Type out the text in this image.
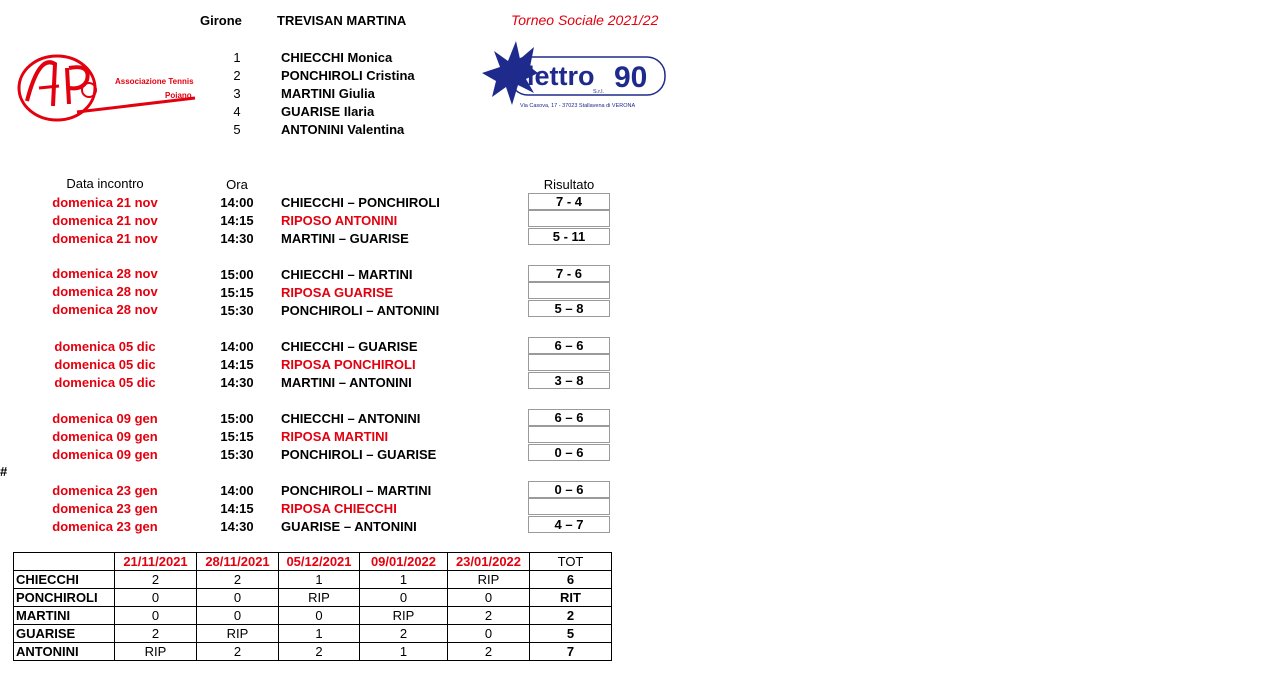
Girone	TREVISAN MARTINA	Torneo Sociale 2021/22
1	CHIECCHI Monica
2	PONCHIROLI Cristina
3	MARTINI Giulia
4	GUARISE Ilaria
5	ANTONINI Valentina
Associazione Tennis
Poiano
elettro 90
S.r.l.
Via Casova, 17 - 37023 Stallavena di VERONA
Data incontro	Ora	Risultato
domenica 21 nov	14:00	CHIECCHI – PONCHIROLI	7 - 4
domenica 21 nov	14:15	RIPOSO ANTONINI
domenica 21 nov	14:30	MARTINI – GUARISE	5 - 11
domenica 28 nov	15:00	CHIECCHI – MARTINI	7 - 6
domenica 28 nov	15:15	RIPOSA GUARISE
domenica 28 nov	15:30	PONCHIROLI – ANTONINI	5 – 8
domenica 05 dic	14:00	CHIECCHI – GUARISE	6 – 6
domenica 05 dic	14:15	RIPOSA PONCHIROLI
domenica 05 dic	14:30	MARTINI – ANTONINI	3 – 8
domenica 09 gen	15:00	CHIECCHI – ANTONINI	6 – 6
domenica 09 gen	15:15	RIPOSA MARTINI
domenica 09 gen	15:30	PONCHIROLI – GUARISE	0 – 6
domenica 23 gen	14:00	PONCHIROLI – MARTINI	0 – 6
domenica 23 gen	14:15	RIPOSA CHIECCHI
domenica 23 gen	14:30	GUARISE – ANTONINI	4 – 7
#
	21/11/2021	28/11/2021	05/12/2021	09/01/2022	23/01/2022	TOT
CHIECCHI	2	2	1	1	RIP	6
PONCHIROLI	0	0	RIP	0	0	RIT
MARTINI	0	0	0	RIP	2	2
GUARISE	2	RIP	1	2	0	5
ANTONINI	RIP	2	2	1	2	7
